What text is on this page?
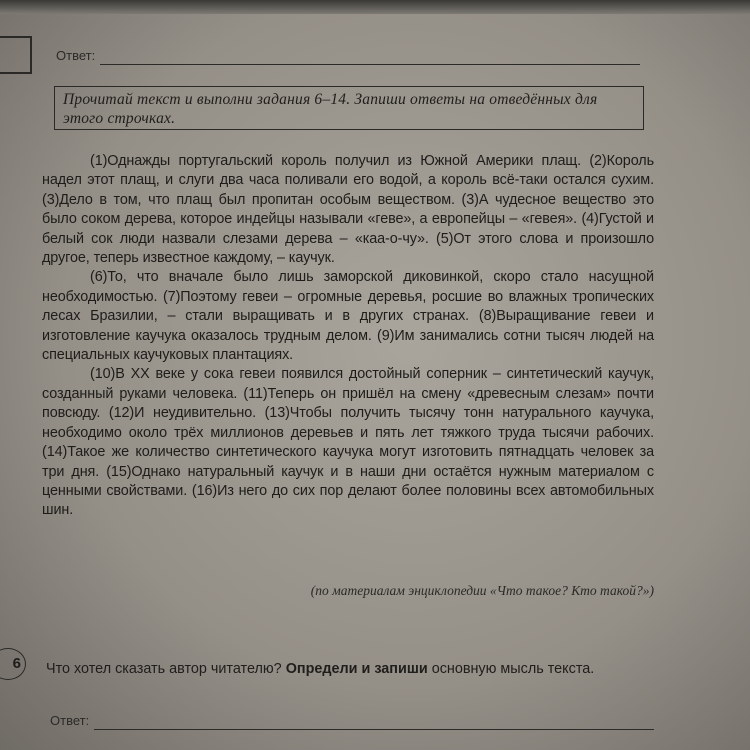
Ответ:
Прочитай текст и выполни задания 6–14. Запиши ответы на отведённых для этого строчках.

(1)Однажды португальский король получил из Южной Америки плащ. (2)Король надел этот плащ, и слуги два часа поливали его водой, а король всё-таки остался сухим. (3)Дело в том, что плащ был пропитан особым веществом. (3)А чудесное вещество это было соком дерева, которое индейцы называли «геве», а европейцы – «гевея». (4)Густой и белый сок люди назвали слезами дерева – «каа-о-чу». (5)От этого слова и произошло другое, теперь известное каждому, – каучук.

(6)То, что вначале было лишь заморской диковинкой, скоро стало насущной необходимостью. (7)Поэтому гевеи – огромные деревья, росшие во влажных тропических лесах Бразилии, – стали выращивать и в других странах. (8)Выращивание гевеи и изготовление каучука оказалось трудным делом. (9)Им занимались сотни тысяч людей на специальных каучуковых плантациях.

(10)В XX веке у сока гевеи появился достойный соперник – синтетический каучук, созданный руками человека. (11)Теперь он пришёл на смену «древесным слезам» почти повсюду. (12)И неудивительно. (13)Чтобы получить тысячу тонн натурального каучука, необходимо около трёх миллионов деревьев и пять лет тяжкого труда тысячи рабочих. (14)Такое же количество синтетического каучука могут изготовить пятнадцать человек за три дня. (15)Однако натуральный каучук и в наши дни остаётся нужным материалом с ценными свойствами. (16)Из него до сих пор делают более половины всех автомобильных шин.

(по материалам энциклопедии «Что такое? Кто такой?»)
6	Что хотел сказать автор читателю? Определи и запиши основную мысль текста.
Ответ:
